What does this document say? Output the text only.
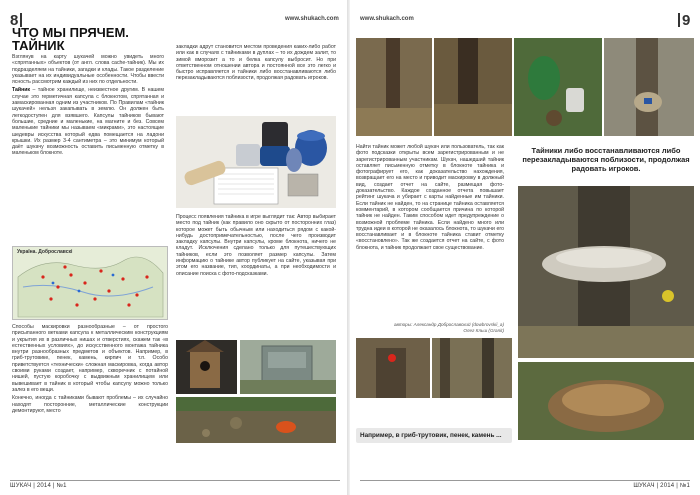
8	www.shukach.com
ЧТО МЫ ПРЯЧЕМ.
ТАЙНИК

Взглянув на карту шукачей можно увидеть много «спрятанных» объектов (от англ. слова cache-тайник). Мы их подразделяем на тайники, загадки и клады. Такое разделение указывает на их индивидуальные особенности. Чтобы ввести ясность рассмотрим каждый из них по отдельности.

Тайник – тайное хранилище, неизвестное другим. В нашем случае это герметичная капсула с блокнотом, спрятанная и замаскированная одним из участников. По Правилам «тайник шукачей» нельзя закапывать в землю. Он должен быть легкодоступен для взявшего. Капсулы тайников бывают большие, средние и маленькие, на магните и без. Совсем маленькие тайники мы называем «микрами», это настоящие шедевры искусства который едва помещается на ладони крышки. Их размер 3-4 сантиметра – это минимум который даёт шукачу возможность оставить письменную отметку в маленьком блокноте.

закладки адрут становится местом проведения каких-либо работ или как в случаях с тайниками в дуплах – то их дождем залит, то зимой вморозит а то и белка капсулу выбросит. Но при ответственном отношении автора и постоянной все это легко и быстро исправляется и тайники либо восстанавливаются либо перезакладываются поблизости, продолжая радовать игроков.

Україна. Доброславскі

Процесс появления тайника в игре выглядит так: Автор выбирает место под тайник (как правило оно скрыто от посторонних глаз) которое может быть обычным или находиться рядом с какой-нибудь достопримечательностью, после чего производит закладку капсулы. Внутри капсулы, кроме блокнота, ничего не кладут. Исключения сделано только для путешествующих тайников, если это позволяет размер капсулы. Затем информацию о тайнике автор публикует на сайте, указывая при этом его название, тип, координаты, а при необходимости и описание поиска с фото-подсказками.

Способы маскировки разнообразные – от простого присыпанного ветками капсула к металлическим конструкциям и укрытия их в различных нишах и отверстиях, скажем так «в естественных условиях», до искусственного монтажа тайника внутри разнообразных предметов и объектов. Например, в гриб-трутовике, пенек, камень, кирпич и т.п. Особо приветствуется «технически» сложная маскировка, когда автор своими руками создает, например, скворечник с потайной нишей, пустую коробочку с выдвижным хранилищем или вывешивает в тайник в который чтобы капсулу можно только залез в его вещи.

Конечно, иногда с тайниками бывают проблемы – их случайно находят посторонние, металлические конструкции демонтируют, место

ШУКАЧ | 2014 | №1
www.shukach.com	9

Найти тайник может любой шукач или пользователь, так как фото подсказки открыты всем зарегистрированным и не зарегистрированным участникам. Шукач, нашедший тайник оставляет письменную отметку в блокноте тайника и фотографирует его, как доказательство нахождения, возвращает его на место и приводит маскировку в должный вид, создает отчет на сайте, размещая фото-доказательство. Каждое созданное отчета повышает рейтинг шукача и убирает с карты найденные им тайники. Если тайник не найден, то на странице тайника оставляется комментарий, в котором сообщается причина по которой тайник не найден. Таким способом идет предупреждение о возможной проблеме тайника. Если найдено много или трудна идеи в которой не оказалось блокнота, то шукачи его восстанавливает и в блокноте тайника ставит отметку «восстановлено». Так же создается отчет на сайте, с фото блокнота, и тайник продолжает свое существование.

авторы: Александр Доброславский (dowbrovskii_a)
Олег Кльш (Granit)
Тайники либо восстанавливаются либо перезакладываются поблизости, продолжая радовать игроков.
Например, в гриб-трутовик, пенек, камень ...
ШУКАЧ | 2014 | №1
